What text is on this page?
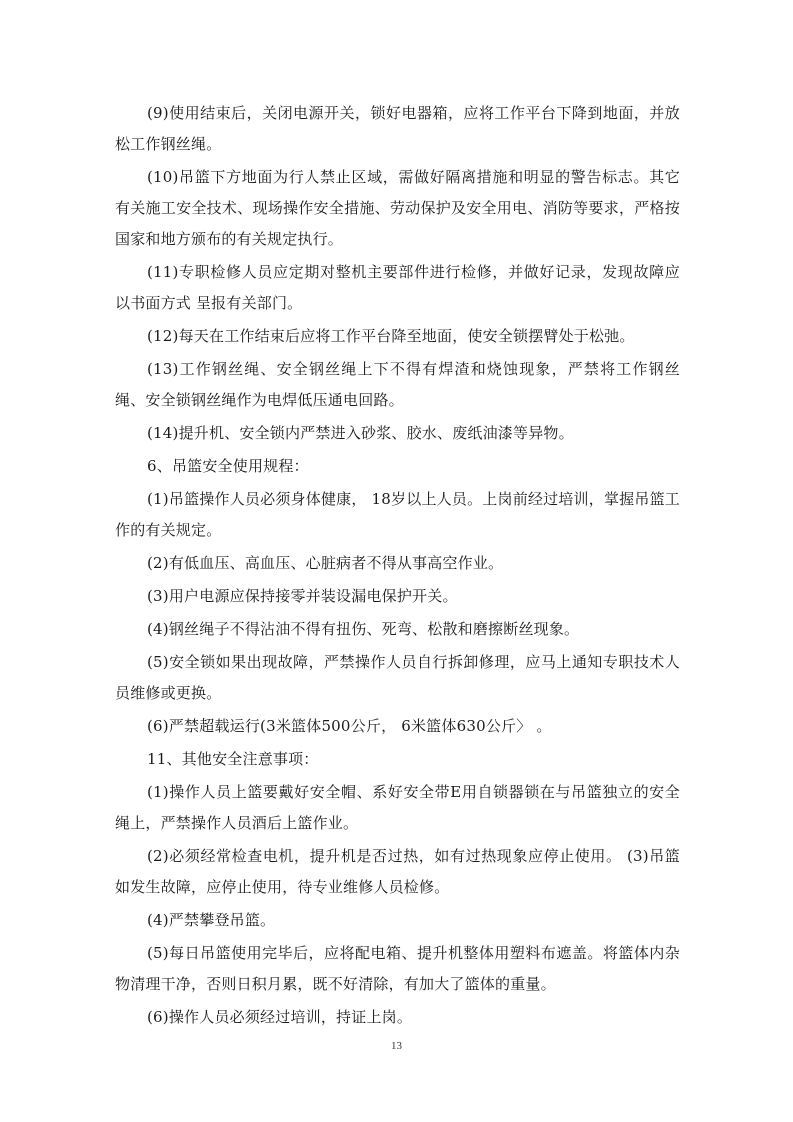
(9)使用结束后，关闭电源开关，锁好电器箱，应将工作平台下降到地面，并放松工作钢丝绳。

(10)吊篮下方地面为行人禁止区域，需做好隔离措施和明显的警告标志。其它有关施工安全技术、现场操作安全措施、劳动保护及安全用电、消防等要求，严格按国家和地方颁布的有关规定执行。

(11)专职检修人员应定期对整机主要部件进行检修，并做好记录，发现故障应以书面方式 呈报有关部门。

(12)每天在工作结束后应将工作平台降至地面，使安全锁摆臂处于松弛。

(13)工作钢丝绳、安全钢丝绳上下不得有焊渣和烧蚀现象，严禁将工作钢丝绳、安全锁钢丝绳作为电焊低压通电回路。

(14)提升机、安全锁内严禁进入砂浆、胶水、废纸油漆等异物。

6、吊篮安全使用规程：

(1)吊篮操作人员必须身体健康， 18岁以上人员。上岗前经过培训，掌握吊篮工作的有关规定。

(2)有低血压、高血压、心脏病者不得从事高空作业。

(3)用户电源应保持接零并装设漏电保护开关。

(4)钢丝绳子不得沾油不得有扭伤、死弯、松散和磨擦断丝现象。

(5)安全锁如果出现故障，严禁操作人员自行拆卸修理，应马上通知专职技术人员维修或更换。

(6)严禁超载运行(3米篮体500公斤， 6米篮体630公斤〉 。

11、其他安全注意事项：

(1)操作人员上篮要戴好安全帽、系好安全带E用自锁器锁在与吊篮独立的安全绳上，严禁操作人员酒后上篮作业。

(2)必须经常检查电机，提升机是否过热，如有过热现象应停止使用。 (3)吊篮如发生故障，应停止使用，待专业维修人员检修。

(4)严禁攀登吊篮。

(5)每日吊篮使用完毕后，应将配电箱、提升机整体用塑料布遮盖。将篮体内杂物清理干净，否则日积月累，既不好清除，有加大了篮体的重量。

(6)操作人员必须经过培训，持证上岗。

13
